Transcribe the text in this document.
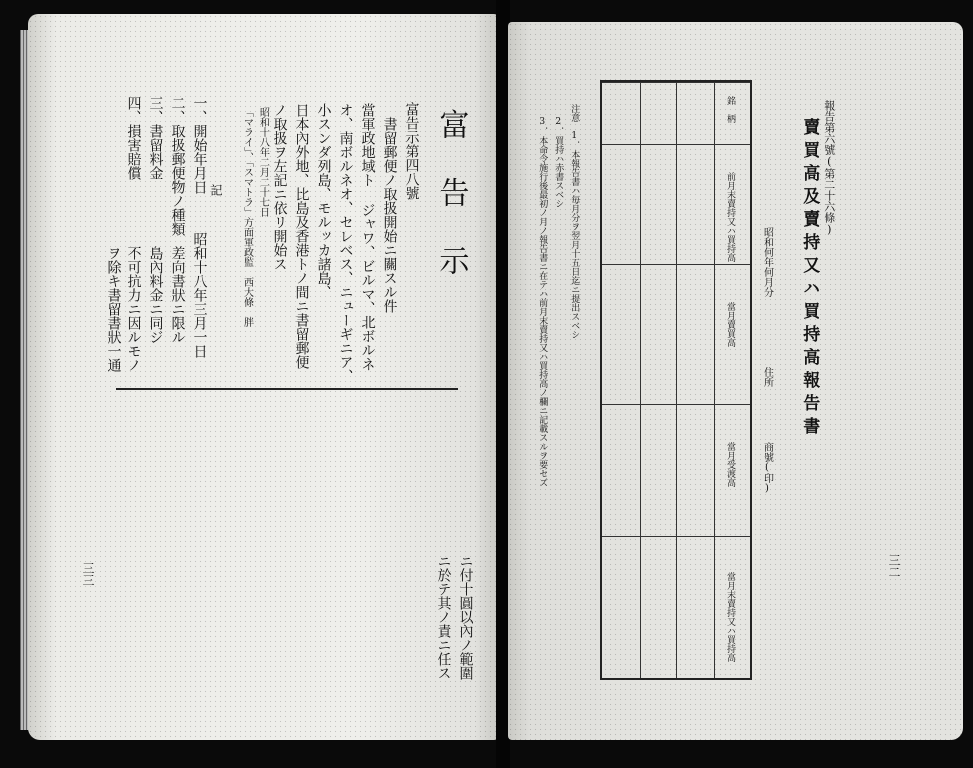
富告示
富告示第四八號
書留郵便ノ取扱開始ニ關スル件
當軍政地域ト ジャワ、ビルマ、北ボルネ
オ、南ボルネオ、セレベス、ニューギニア、
小スンダ列島、モルッカ諸島、
日本內外地、比島及香港トノ間ニ書留郵便
ノ取扱ヲ左記ニ依リ開始ス
昭和十八年二月二十七日
「マライ」、「スマトラ」方面軍政監　西大條　胖
記
一、開始年月日
昭和十八年三月一日
二、取扱郵便物ノ種類
差向書狀ニ限ル
三、書留料金
島內料金ニ同ジ
四、損害賠償
不可抗力ニ因ルモノ
ヲ除キ書留書狀一通
三三	ニ付十圓以內ノ範圍
ニ於テ其ノ責ニ任ス
報告第六號(第二十六條)
賣買高及賣持又ハ買持高報告書
昭和何年何月分
住所
商號(印)
銘　柄
前月末賣持又ハ買持高
當月賣買高
當月受渡高
當月末賣持又ハ買持高
注意　1．本報告書ハ毎月分ヲ翌月十五日迄ニ提出スベシ
2．買持ハ赤書スベシ
3．本命令施行後最初ノ月ノ報告書ニ在テハ前月末賣持又ハ買持高ノ欄ニ記載スルヲ要セズ
三二
